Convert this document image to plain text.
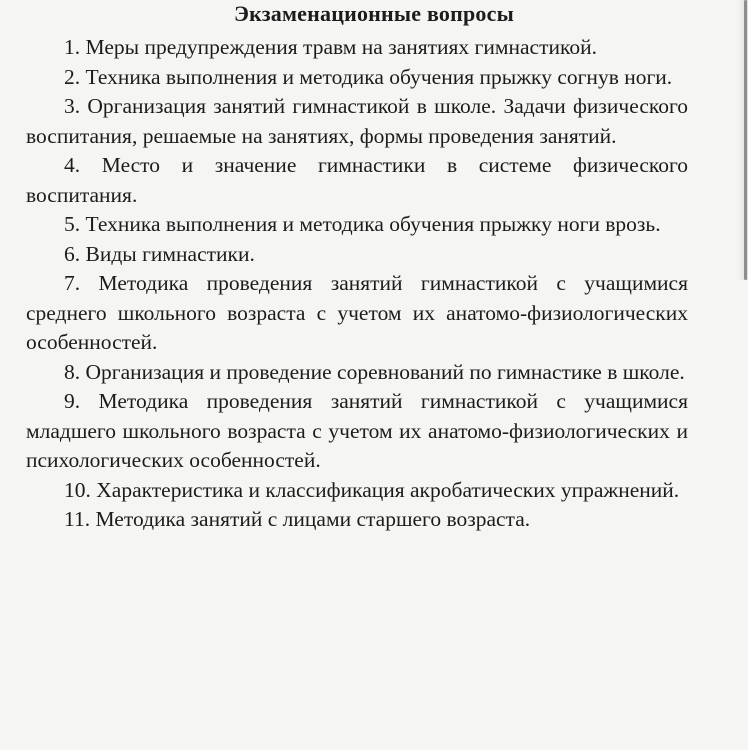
Экзаменационные вопросы

1. Меры предупреждения травм на занятиях гимнастикой.

2. Техника выполнения и методика обучения прыжку согнув ноги.

3. Организация занятий гимнастикой в школе. Задачи физического воспитания, решаемые на занятиях, формы проведения занятий.

4. Место и значение гимнастики в системе физического воспитания.

5. Техника выполнения и методика обучения прыжку ноги врозь.

6. Виды гимнастики.

7. Методика проведения занятий гимнастикой с учащимися среднего школьного возраста с учетом их анатомо-физиологических особенностей.

8. Организация и проведение соревнований по гимнастике в школе.

9. Методика проведения занятий гимнастикой с учащимися младшего школьного возраста с учетом их анатомо-физиологических и психологических особенностей.

10. Характеристика и классификация акробатических упражнений.

11. Методика занятий с лицами старшего возраста.
